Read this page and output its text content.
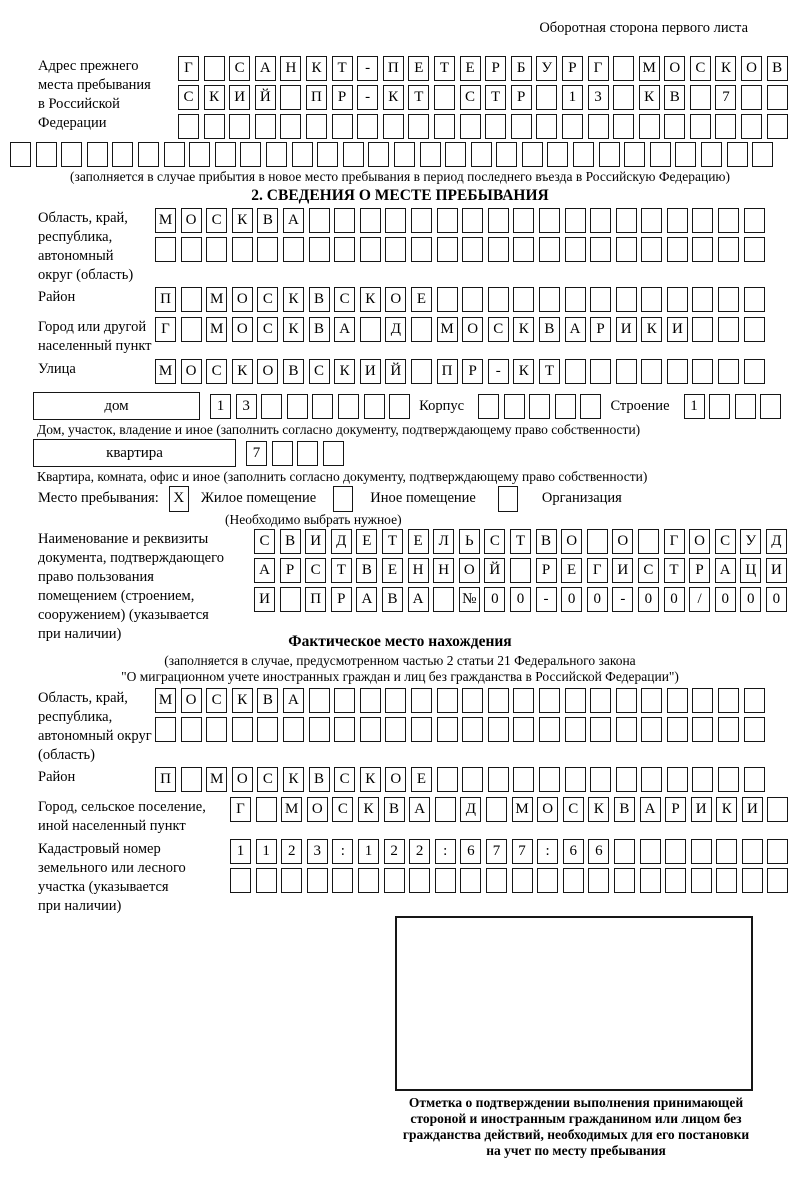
Оборотная сторона первого листа
Адрес прежнего
места пребывания
в Российской
Федерации
Г	С	А Н	К	Т	-	П	Е	Т	Е	Р	Б	У	Р	Г	М О	С	К	О	В
С	К	И Й	П	Р	-	К	Т	С	Т	Р	1	3	К	В	7
(заполняется в случае прибытия в новое место пребывания в период последнего въезда в Российскую Федерацию)
2. СВЕДЕНИЯ О МЕСТЕ ПРЕБЫВАНИЯ
Область, край,
республика,
автономный
округ (область)
М О	С	К	В	А
Район	П	М О	С	К	В	С	К	О	Е
Город или другой
населенный пункт
Г	М О	С	К	В	А	Д	М О	С	К	В	А	Р	И	К	И
Улица	М О	С	К	О	В	С	К	И Й	П	Р	-	К	Т
дом	1	3	Корпус	Строение	1
Дом, участок, владение и иное (заполнить согласно документу, подтверждающему право собственности)
квартира	7
Квартира, комната, офис и иное (заполнить согласно документу, подтверждающему право собственности)
Место пребывания: X	Жилое помещение	Иное помещение	Организация
(Необходимо выбрать нужное)
Наименование и реквизиты
документа, подтверждающего
право пользования
помещением (строением,
сооружением) (указывается
при наличии)
С	В	И	Д	Е	Т	Е	Л	Ь	С	Т	В	О	О	Г	О	С	У	Д
А	Р	С	Т	В	Е	Н Н О Й	Р	Е	Г	И	С	Т	Р	А Ц И
И	П	Р	А	В	А	№ 0	0	-	0	0	-	0	0	/	0	0	0
Фактическое место нахождения
(заполняется в случае, предусмотренном частью 2 статьи 21 Федерального закона
"О миграционном учете иностранных граждан и лиц без гражданства в Российской Федерации")
Область, край,
республика,
автономный округ
(область)
М О	С	К	В	А
Район	П	М О	С	К	В	С	К	О	Е
Город, сельское поселение,
иной населенный пункт
Г	М О	С	К	В	А	Д	М О	С	К	В	А	Р	И	К	И
Кадастровый номер
земельного или лесного
участка (указывается
при наличии)
1	1	2	3	:	1	2	2	:	6	7	7	:	6	6
Отметка о подтверждении выполнения принимающей
стороной и иностранным гражданином или лицом без
гражданства действий, необходимых для его постановки
на учет по месту пребывания
